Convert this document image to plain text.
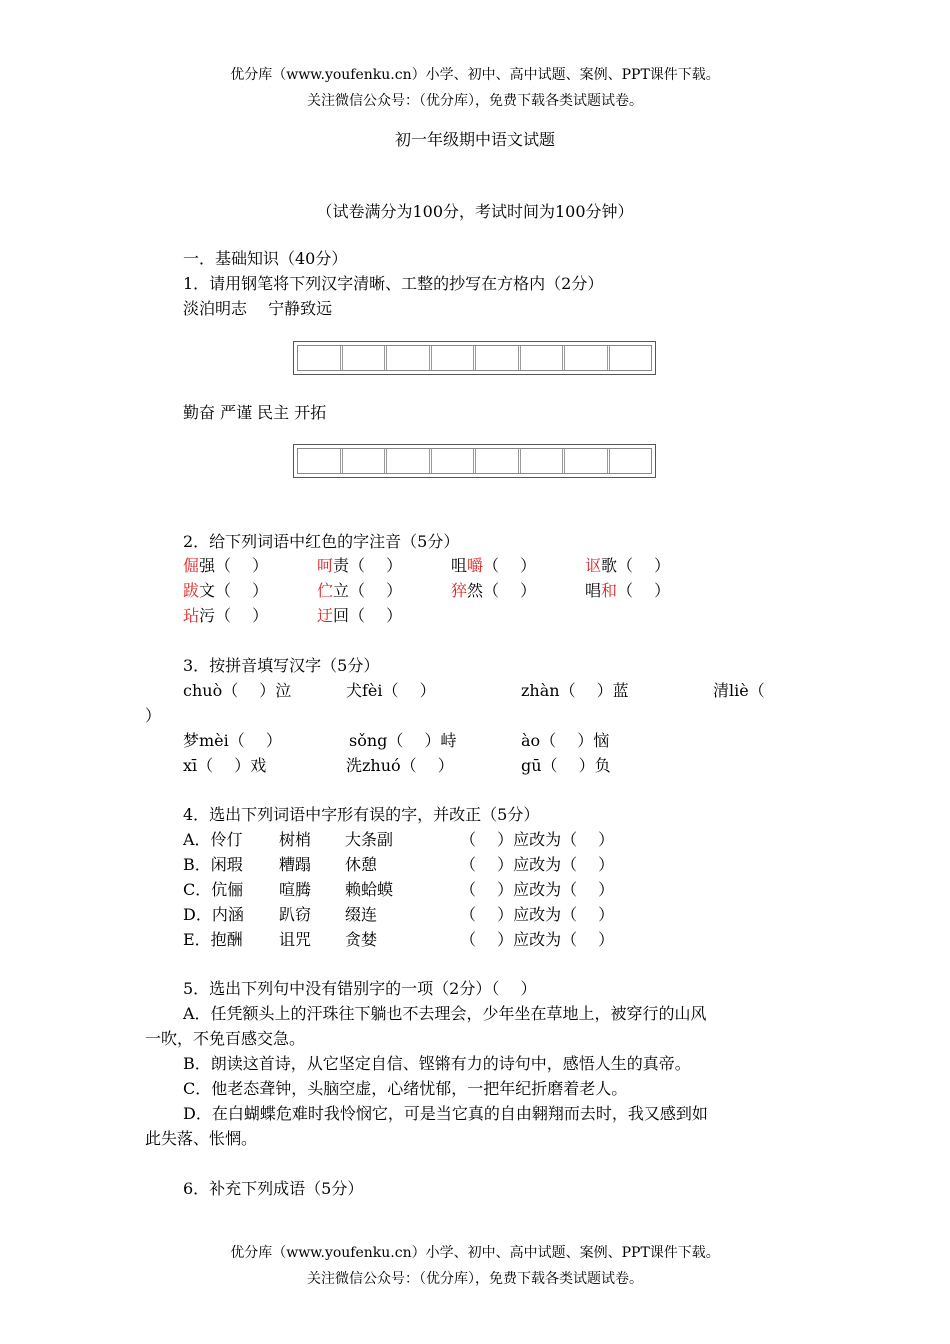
优分库（www.youfenku.cn）小学、初中、高中试题、案例、PPT课件下载。
关注微信公众号：（优分库），免费下载各类试题试卷。
初一年级期中语文试题
（试卷满分为100分，考试时间为100分钟）
一．基础知识（40分）
1．请用钢笔将下列汉字清晰、工整的抄写在方格内（2分）
淡泊明志　 宁静致远
勤奋 严谨 民主 开拓
2．给下列词语中红色的字注音（5分）
倔强（　 ）	呵责（　 ）	咀嚼（　 ）	讴歌（　 ）
跋文（　 ）	伫立（　 ）	猝然（　 ）	唱和（　 ）
玷污（　 ）	迂回（　 ）
3．按拼音填写汉字（5分）
chuò（　 ）泣	犬fèi（　 ）	zhàn（　 ）蓝	清liè（
）
梦mèi（　 ）	sǒng（　 ）峙	ào（　 ）恼
xī（　 ）戏	洗zhuó（　 ）	gū（　 ）负
4．选出下列词语中字形有误的字，并改正（5分）
A．伶仃 树梢 大条副	（　 ）应改为（　 ）
B．闲瑕 糟蹋 休憩	（　 ）应改为（　 ）
C．伉俪 喧腾 赖蛤蟆	（　 ）应改为（　 ）
D．内涵 趴窃 缀连	（　 ）应改为（　 ）
E．抱酬 诅咒 贪婪	（　 ）应改为（　 ）
5．选出下列句中没有错别字的一项（2分）（　 ）
A．任凭额头上的汗珠往下躺也不去理会，少年坐在草地上，被穿行的山风
一吹，不免百感交急。
B．朗读这首诗，从它坚定自信、铿锵有力的诗句中，感悟人生的真帝。
C．他老态聋钟，头脑空虚，心绪忧郁，一把年纪折磨着老人。
D．在白蝴蝶危难时我怜悯它，可是当它真的自由翱翔而去时，我又感到如
此失落、怅惘。
6．补充下列成语（5分）
优分库（www.youfenku.cn）小学、初中、高中试题、案例、PPT课件下载。
关注微信公众号：（优分库），免费下载各类试题试卷。
